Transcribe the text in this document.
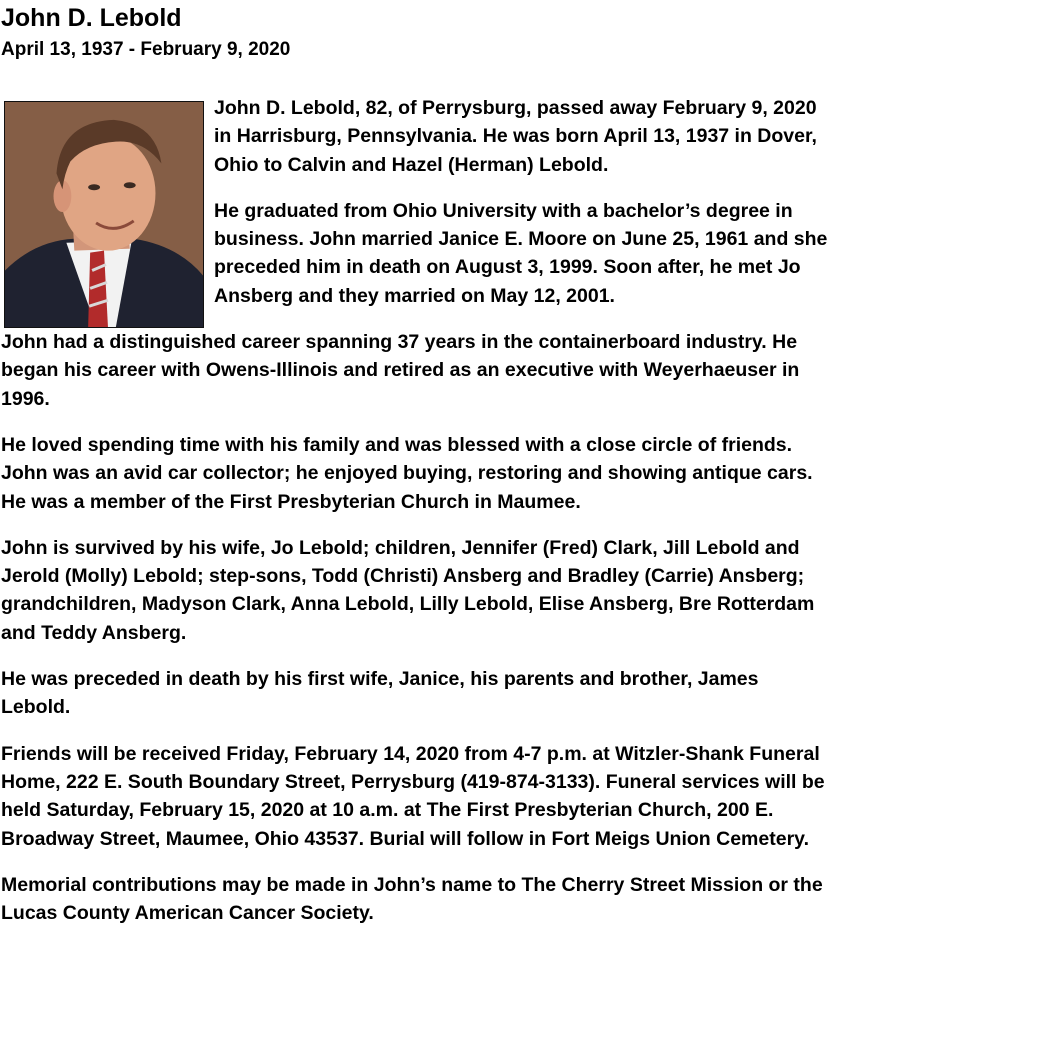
John D. Lebold
April 13, 1937 - February 9, 2020

John D. Lebold, 82, of Perrysburg, passed away February 9, 2020 in Harrisburg, Pennsylvania. He was born April 13, 1937 in Dover, Ohio to Calvin and Hazel (Herman) Lebold.

He graduated from Ohio University with a bachelor’s degree in business. John married Janice E. Moore on June 25, 1961 and she preceded him in death on August 3, 1999. Soon after, he met Jo Ansberg and they married on May 12, 2001.

John had a distinguished career spanning 37 years in the containerboard industry. He began his career with Owens-Illinois and retired as an executive with Weyerhaeuser in 1996.

He loved spending time with his family and was blessed with a close circle of friends. John was an avid car collector; he enjoyed buying, restoring and showing antique cars. He was a member of the First Presbyterian Church in Maumee.

John is survived by his wife, Jo Lebold; children, Jennifer (Fred) Clark, Jill Lebold and Jerold (Molly) Lebold; step-sons, Todd (Christi) Ansberg and Bradley (Carrie) Ansberg; grandchildren, Madyson Clark, Anna Lebold, Lilly Lebold, Elise Ansberg, Bre Rotterdam and Teddy Ansberg.

He was preceded in death by his first wife, Janice, his parents and brother, James Lebold.

Friends will be received Friday, February 14, 2020 from 4-7 p.m. at Witzler-Shank Funeral Home, 222 E. South Boundary Street, Perrysburg (419-874-3133). Funeral services will be held Saturday, February 15, 2020 at 10 a.m. at The First Presbyterian Church, 200 E. Broadway Street, Maumee, Ohio 43537. Burial will follow in Fort Meigs Union Cemetery.

Memorial contributions may be made in John’s name to The Cherry Street Mission or the Lucas County American Cancer Society.
